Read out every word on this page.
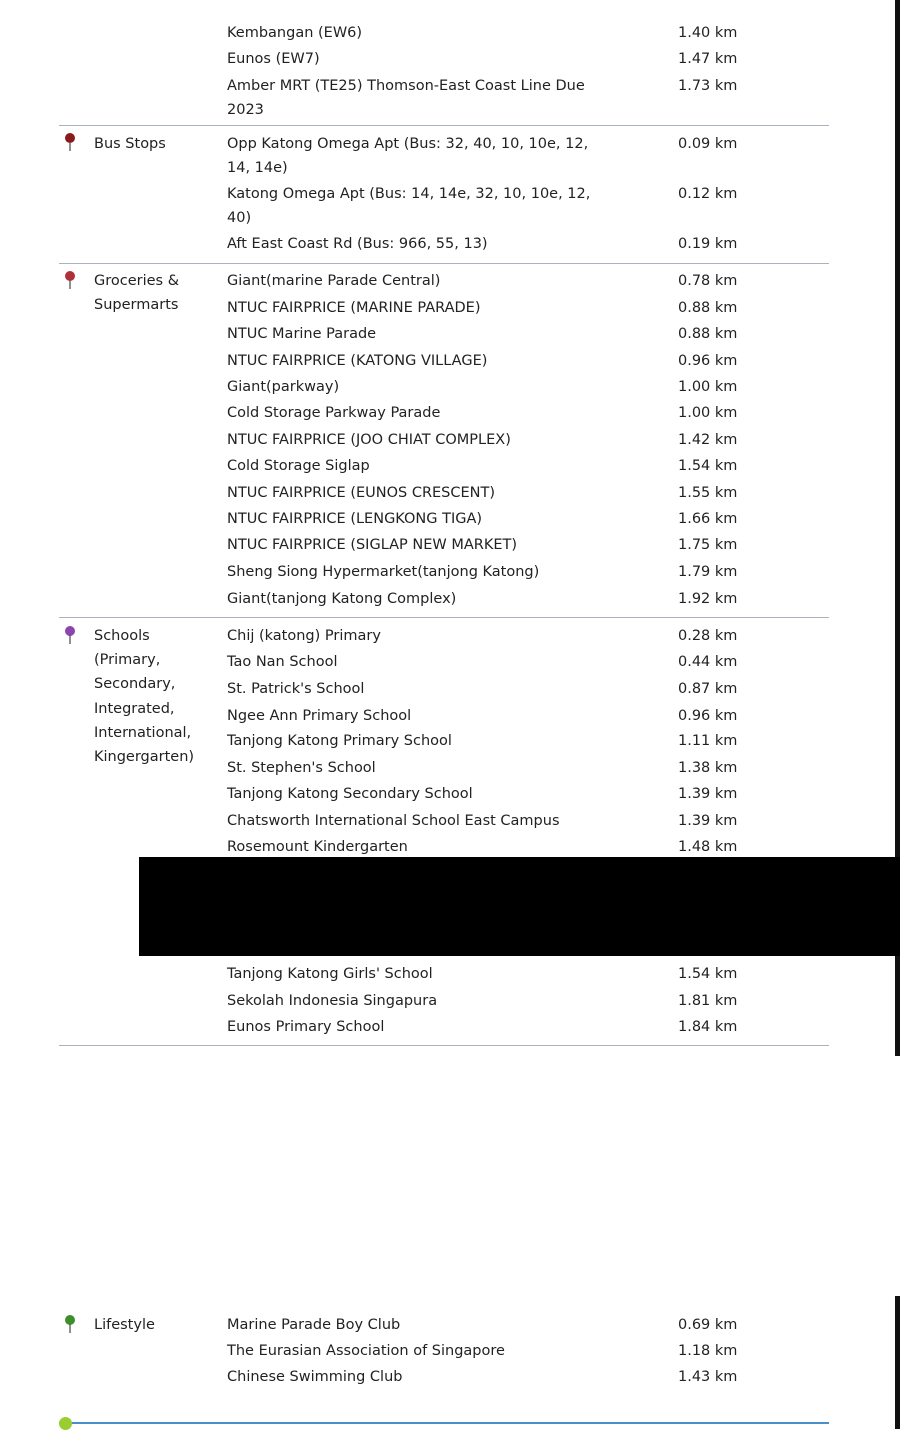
Kembangan (EW6)	1.40 km
Eunos (EW7)	1.47 km
Amber MRT (TE25) Thomson-East Coast Line Due	1.73 km
2023
Bus Stops	Opp Katong Omega Apt (Bus: 32, 40, 10, 10e, 12,	0.09 km
14, 14e)
Katong Omega Apt (Bus: 14, 14e, 32, 10, 10e, 12,	0.12 km
40)
Aft East Coast Rd (Bus: 966, 55, 13)	0.19 km
Groceries &
Supermarts
Giant(marine Parade Central)	0.78 km
NTUC FAIRPRICE (MARINE PARADE)	0.88 km
NTUC Marine Parade	0.88 km
NTUC FAIRPRICE (KATONG VILLAGE)	0.96 km
Giant(parkway)	1.00 km
Cold Storage Parkway Parade	1.00 km
NTUC FAIRPRICE (JOO CHIAT COMPLEX)	1.42 km
Cold Storage Siglap	1.54 km
NTUC FAIRPRICE (EUNOS CRESCENT)	1.55 km
NTUC FAIRPRICE (LENGKONG TIGA)	1.66 km
NTUC FAIRPRICE (SIGLAP NEW MARKET)	1.75 km
Sheng Siong Hypermarket(tanjong Katong)	1.79 km
Giant(tanjong Katong Complex)	1.92 km
Schools
(Primary,
Secondary,
Integrated,
International,
Kingergarten)
Chij (katong) Primary	0.28 km
Tao Nan School	0.44 km
St. Patrick's School	0.87 km
Ngee Ann Primary School	0.96 km
Tanjong Katong Primary School	1.11 km
St. Stephen's School	1.38 km
Tanjong Katong Secondary School	1.39 km
Chatsworth International School East Campus	1.39 km
Rosemount Kindergarten	1.48 km
Tanjong Katong Girls' School	1.54 km
Sekolah Indonesia Singapura	1.81 km
Eunos Primary School	1.84 km
Lifestyle	Marine Parade Boy Club	0.69 km
The Eurasian Association of Singapore	1.18 km
Chinese Swimming Club	1.43 km
